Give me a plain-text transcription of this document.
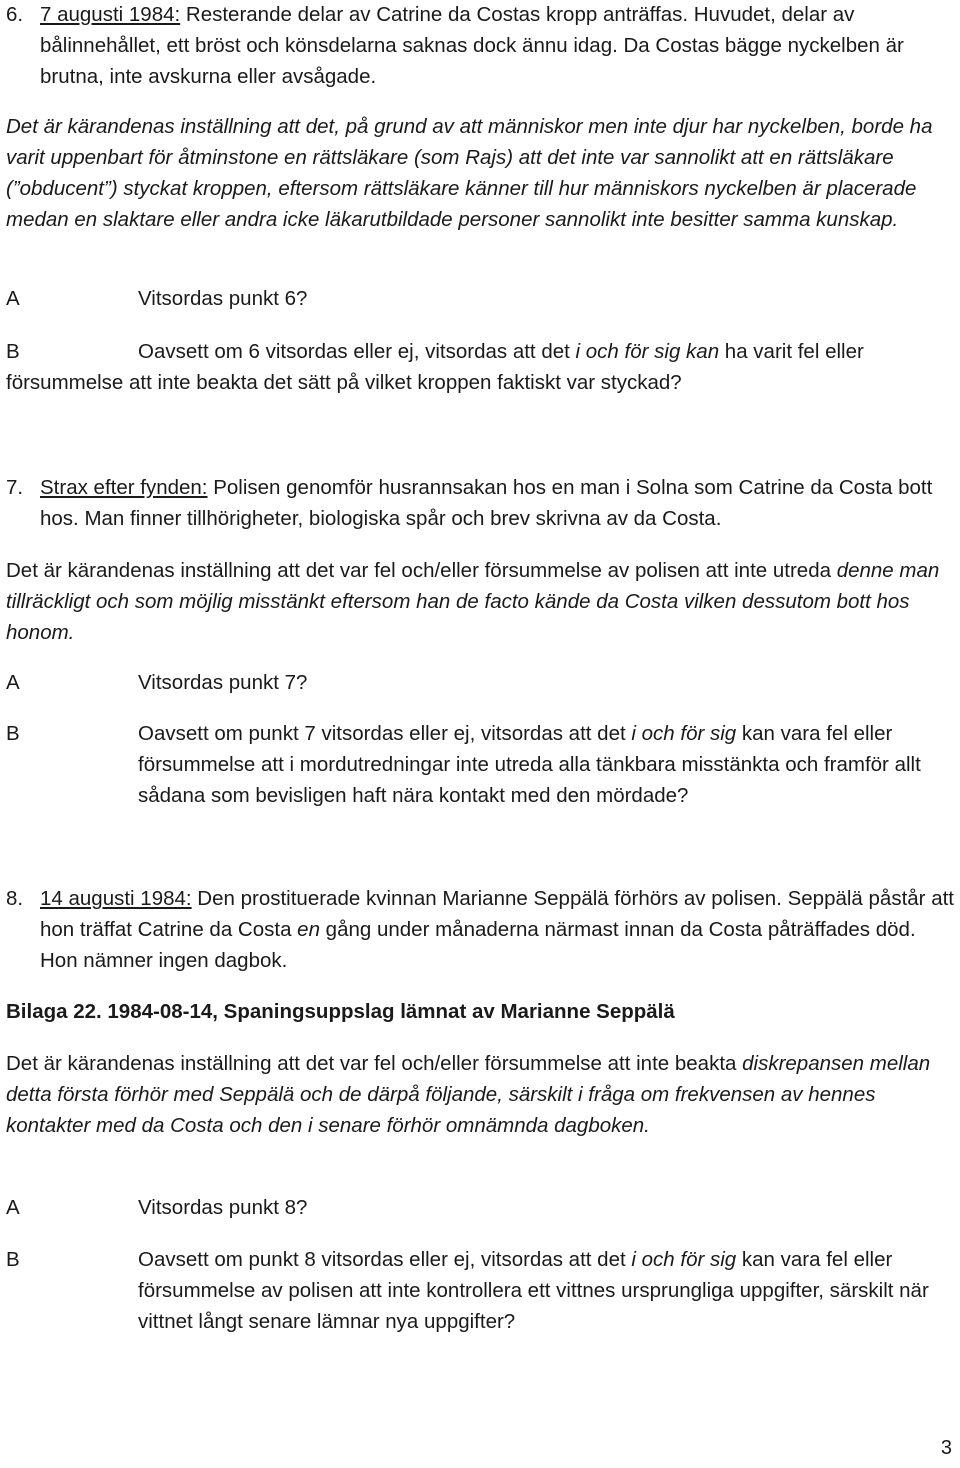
6. 7 augusti 1984: Resterande delar av Catrine da Costas kropp anträffas. Huvudet, delar av bålinnehållet, ett bröst och könsdelarna saknas dock ännu idag. Da Costas bägge nyckelben är brutna, inte avskurna eller avsågade.

Det är kärandenas inställning att det, på grund av att människor men inte djur har nyckelben, borde ha varit uppenbart för åtminstone en rättsläkare (som Rajs) att det inte var sannolikt att en rättsläkare (”obducent”) styckat kroppen, eftersom rättsläkare känner till hur människors nyckelben är placerade medan en slaktare eller andra icke läkarutbildade personer sannolikt inte besitter samma kunskap.

A	Vitsordas punkt 6?

B	Oavsett om 6 vitsordas eller ej, vitsordas att det i och för sig kan ha varit fel eller försummelse att inte beakta det sätt på vilket kroppen faktiskt var styckad?

7. Strax efter fynden: Polisen genomför husrannsakan hos en man i Solna som Catrine da Costa bott hos. Man finner tillhörigheter, biologiska spår och brev skrivna av da Costa.

Det är kärandenas inställning att det var fel och/eller försummelse av polisen att inte utreda denne man tillräckligt och som möjlig misstänkt eftersom han de facto kände da Costa vilken dessutom bott hos honom.

A	Vitsordas punkt 7?
B	Oavsett om punkt 7 vitsordas eller ej, vitsordas att det i och för sig kan vara fel eller försummelse att i mordutredningar inte utreda alla tänkbara misstänkta och framför allt sådana som bevisligen haft nära kontakt med den mördade?
8. 14 augusti 1984: Den prostituerade kvinnan Marianne Seppälä förhörs av polisen. Seppälä påstår att hon träffat Catrine da Costa en gång under månaderna närmast innan da Costa påträffades död. Hon nämner ingen dagbok.

Bilaga 22. 1984-08-14, Spaningsuppslag lämnat av Marianne Seppälä

Det är kärandenas inställning att det var fel och/eller försummelse att inte beakta diskrepansen mellan detta första förhör med Seppälä och de därpå följande, särskilt i fråga om frekvensen av hennes kontakter med da Costa och den i senare förhör omnämnda dagboken.

A	Vitsordas punkt 8?
B	Oavsett om punkt 8 vitsordas eller ej, vitsordas att det i och för sig kan vara fel eller försummelse av polisen att inte kontrollera ett vittnes ursprungliga uppgifter, särskilt när vittnet långt senare lämnar nya uppgifter?
3
